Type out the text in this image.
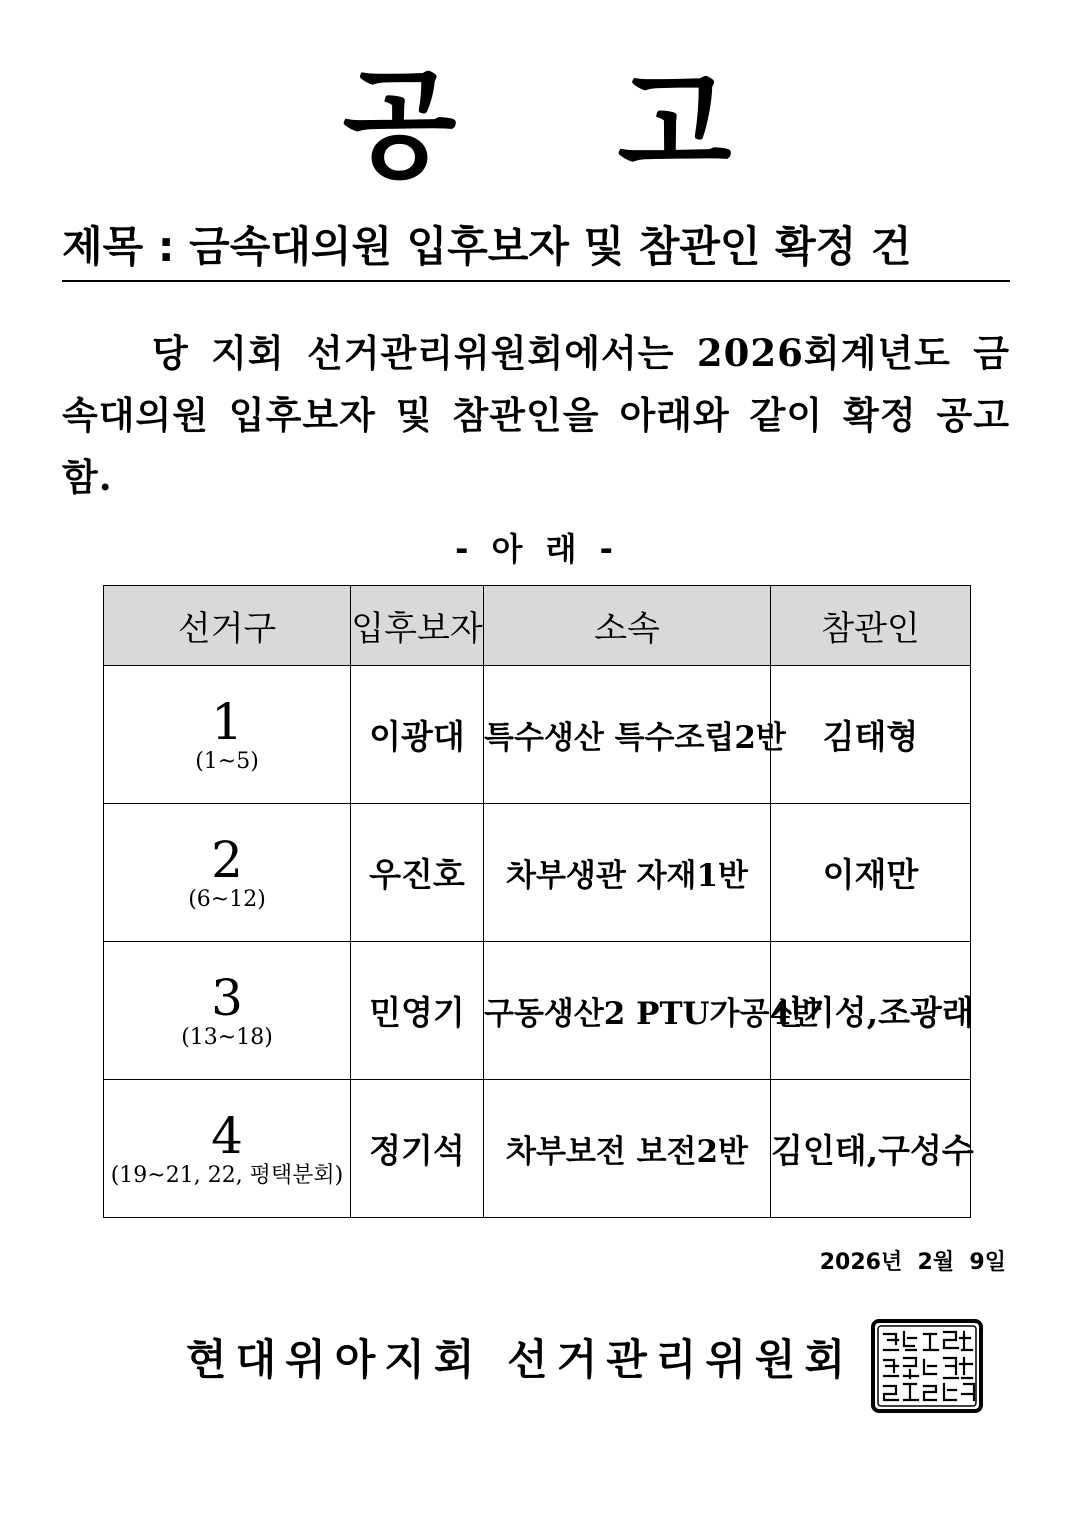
공 고
제목 : 금속대의원 입후보자 및 참관인 확정 건
당 지회 선거관리위원회에서는 2026회계년도 금속대의원 입후보자 및 참관인을 아래와 같이 확정 공고함.
- 아 래 -
선거구	입후보자	소속	참관인

1
(1~5)	이광대	특수생산 특수조립2반	김태형

2
(6~12)	우진호	차부생관 자재1반	이재만

3
(13~18)	민영기	구동생산2 PTU가공4반	신기성,조광래

4
(19~21, 22, 평택분회)	정기석	차부보전 보전2반	김인태,구성수
2026년  2월  9일
현대위아지회 선거관리위원회
